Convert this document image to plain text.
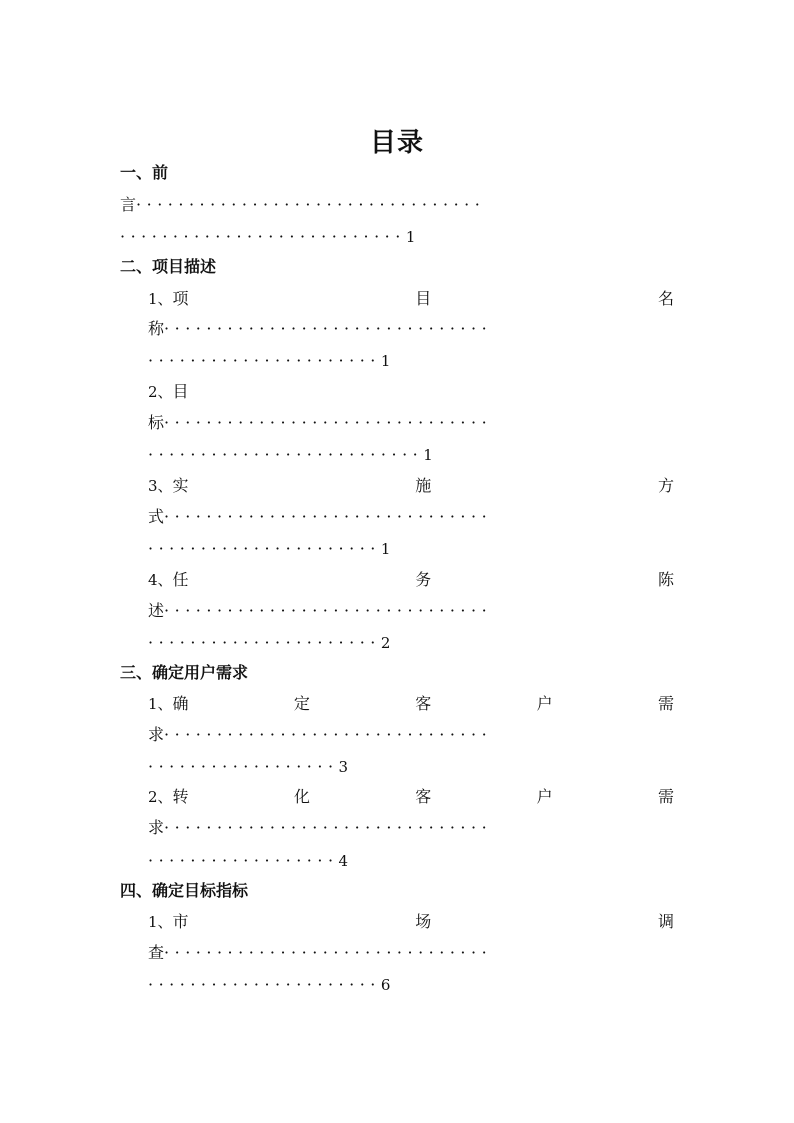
目录
一、前
言·································
···························1
二、项目描述
1、项	目	名
称·······························
······················1
2、目
标·······························
··························1
3、实	施	方
式·······························
······················1
4、任	务	陈
述·······························
······················2
三、确定用户需求
1、确	定	客	户	需
求·······························
··················3
2、转	化	客	户	需
求·······························
··················4
四、确定目标指标
1、市	场	调
查·······························
······················6
